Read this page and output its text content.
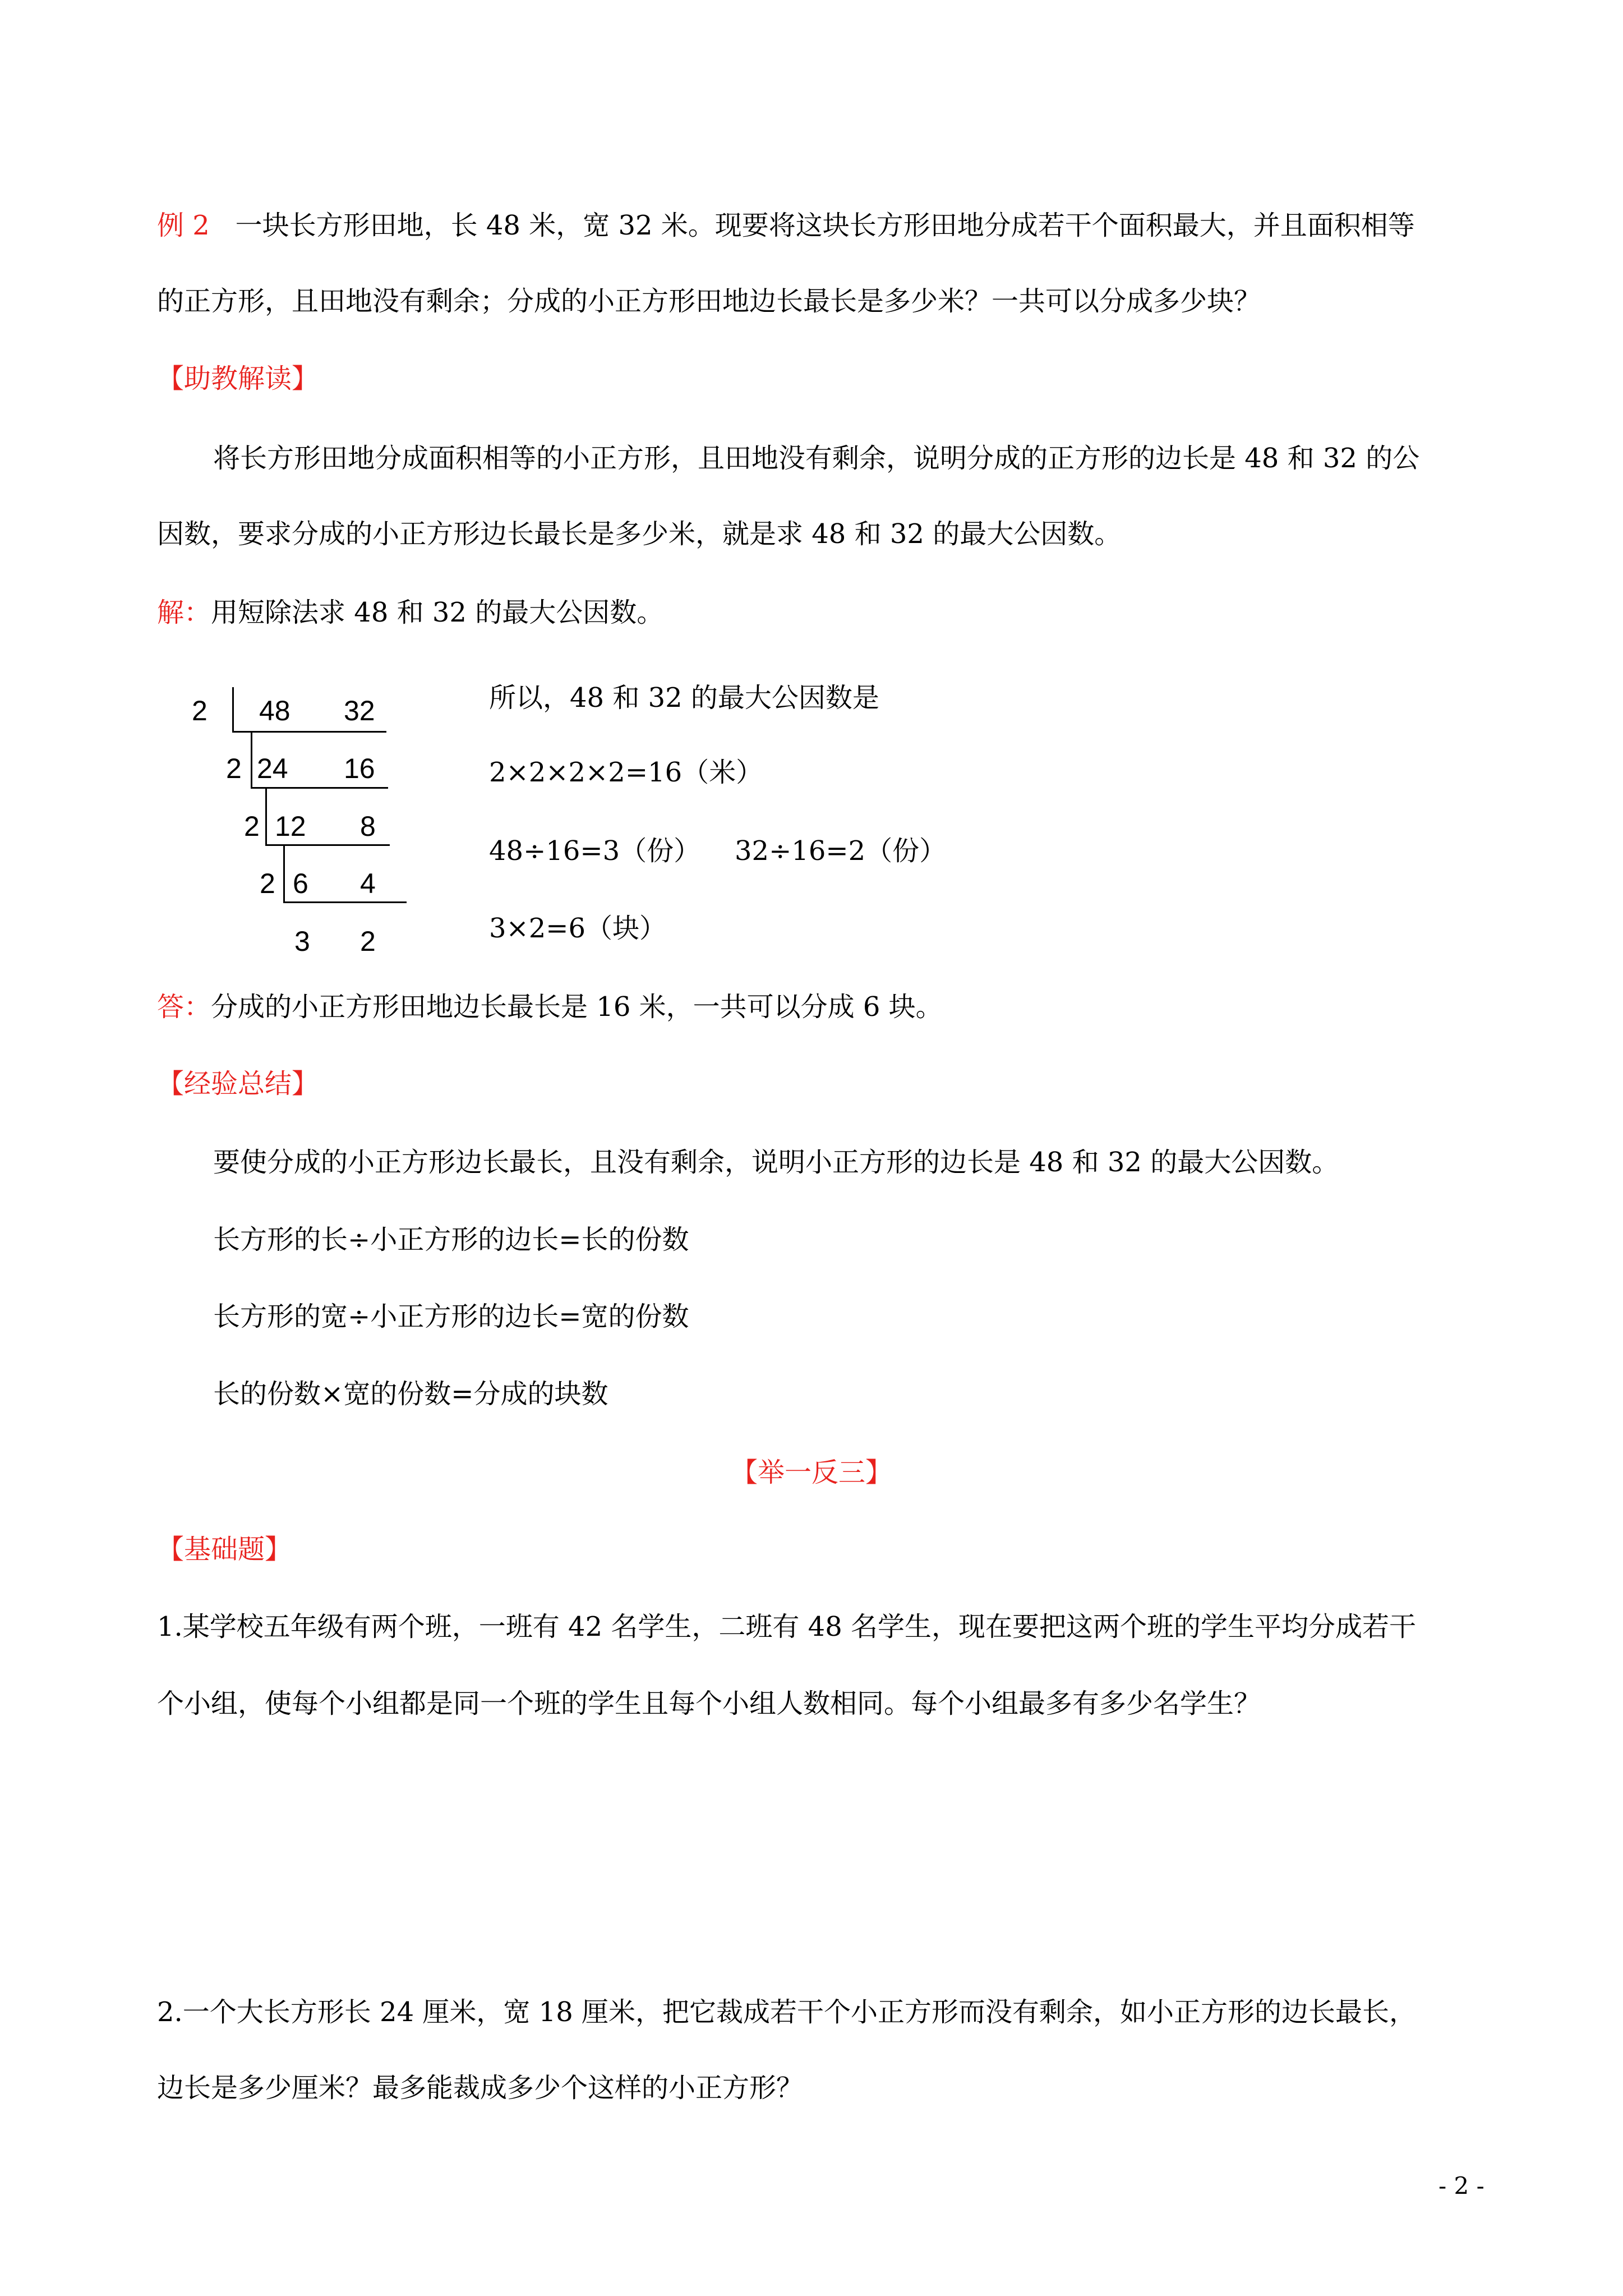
例 2 一块长方形田地，长 48 米，宽 32 米。现要将这块长方形田地分成若干个面积最大，并且面积相等
的正方形，且田地没有剩余；分成的小正方形田地边长最长是多少米？一共可以分成多少块？
【助教解读】
将长方形田地分成面积相等的小正方形，且田地没有剩余，说明分成的正方形的边长是 48 和 32 的公
因数，要求分成的小正方形边长最长是多少米，就是求 48 和 32 的最大公因数。
解：用短除法求 48 和 32 的最大公因数。
2 48 32
2 24 16
2 12 8
2 6 4
3 2
所以，48 和 32 的最大公因数是
2×2×2×2=16（米）
48÷16=3（份） 32÷16=2（份）
3×2=6（块）
答：分成的小正方形田地边长最长是 16 米，一共可以分成 6 块。
【经验总结】
要使分成的小正方形边长最长，且没有剩余，说明小正方形的边长是 48 和 32 的最大公因数。
长方形的长÷小正方形的边长=长的份数
长方形的宽÷小正方形的边长=宽的份数
长的份数×宽的份数=分成的块数
【举一反三】
【基础题】
1.某学校五年级有两个班，一班有 42 名学生，二班有 48 名学生，现在要把这两个班的学生平均分成若干
个小组，使每个小组都是同一个班的学生且每个小组人数相同。每个小组最多有多少名学生？
2.一个大长方形长 24 厘米，宽 18 厘米，把它裁成若干个小正方形而没有剩余，如小正方形的边长最长，
边长是多少厘米？最多能裁成多少个这样的小正方形？
- 2 -
